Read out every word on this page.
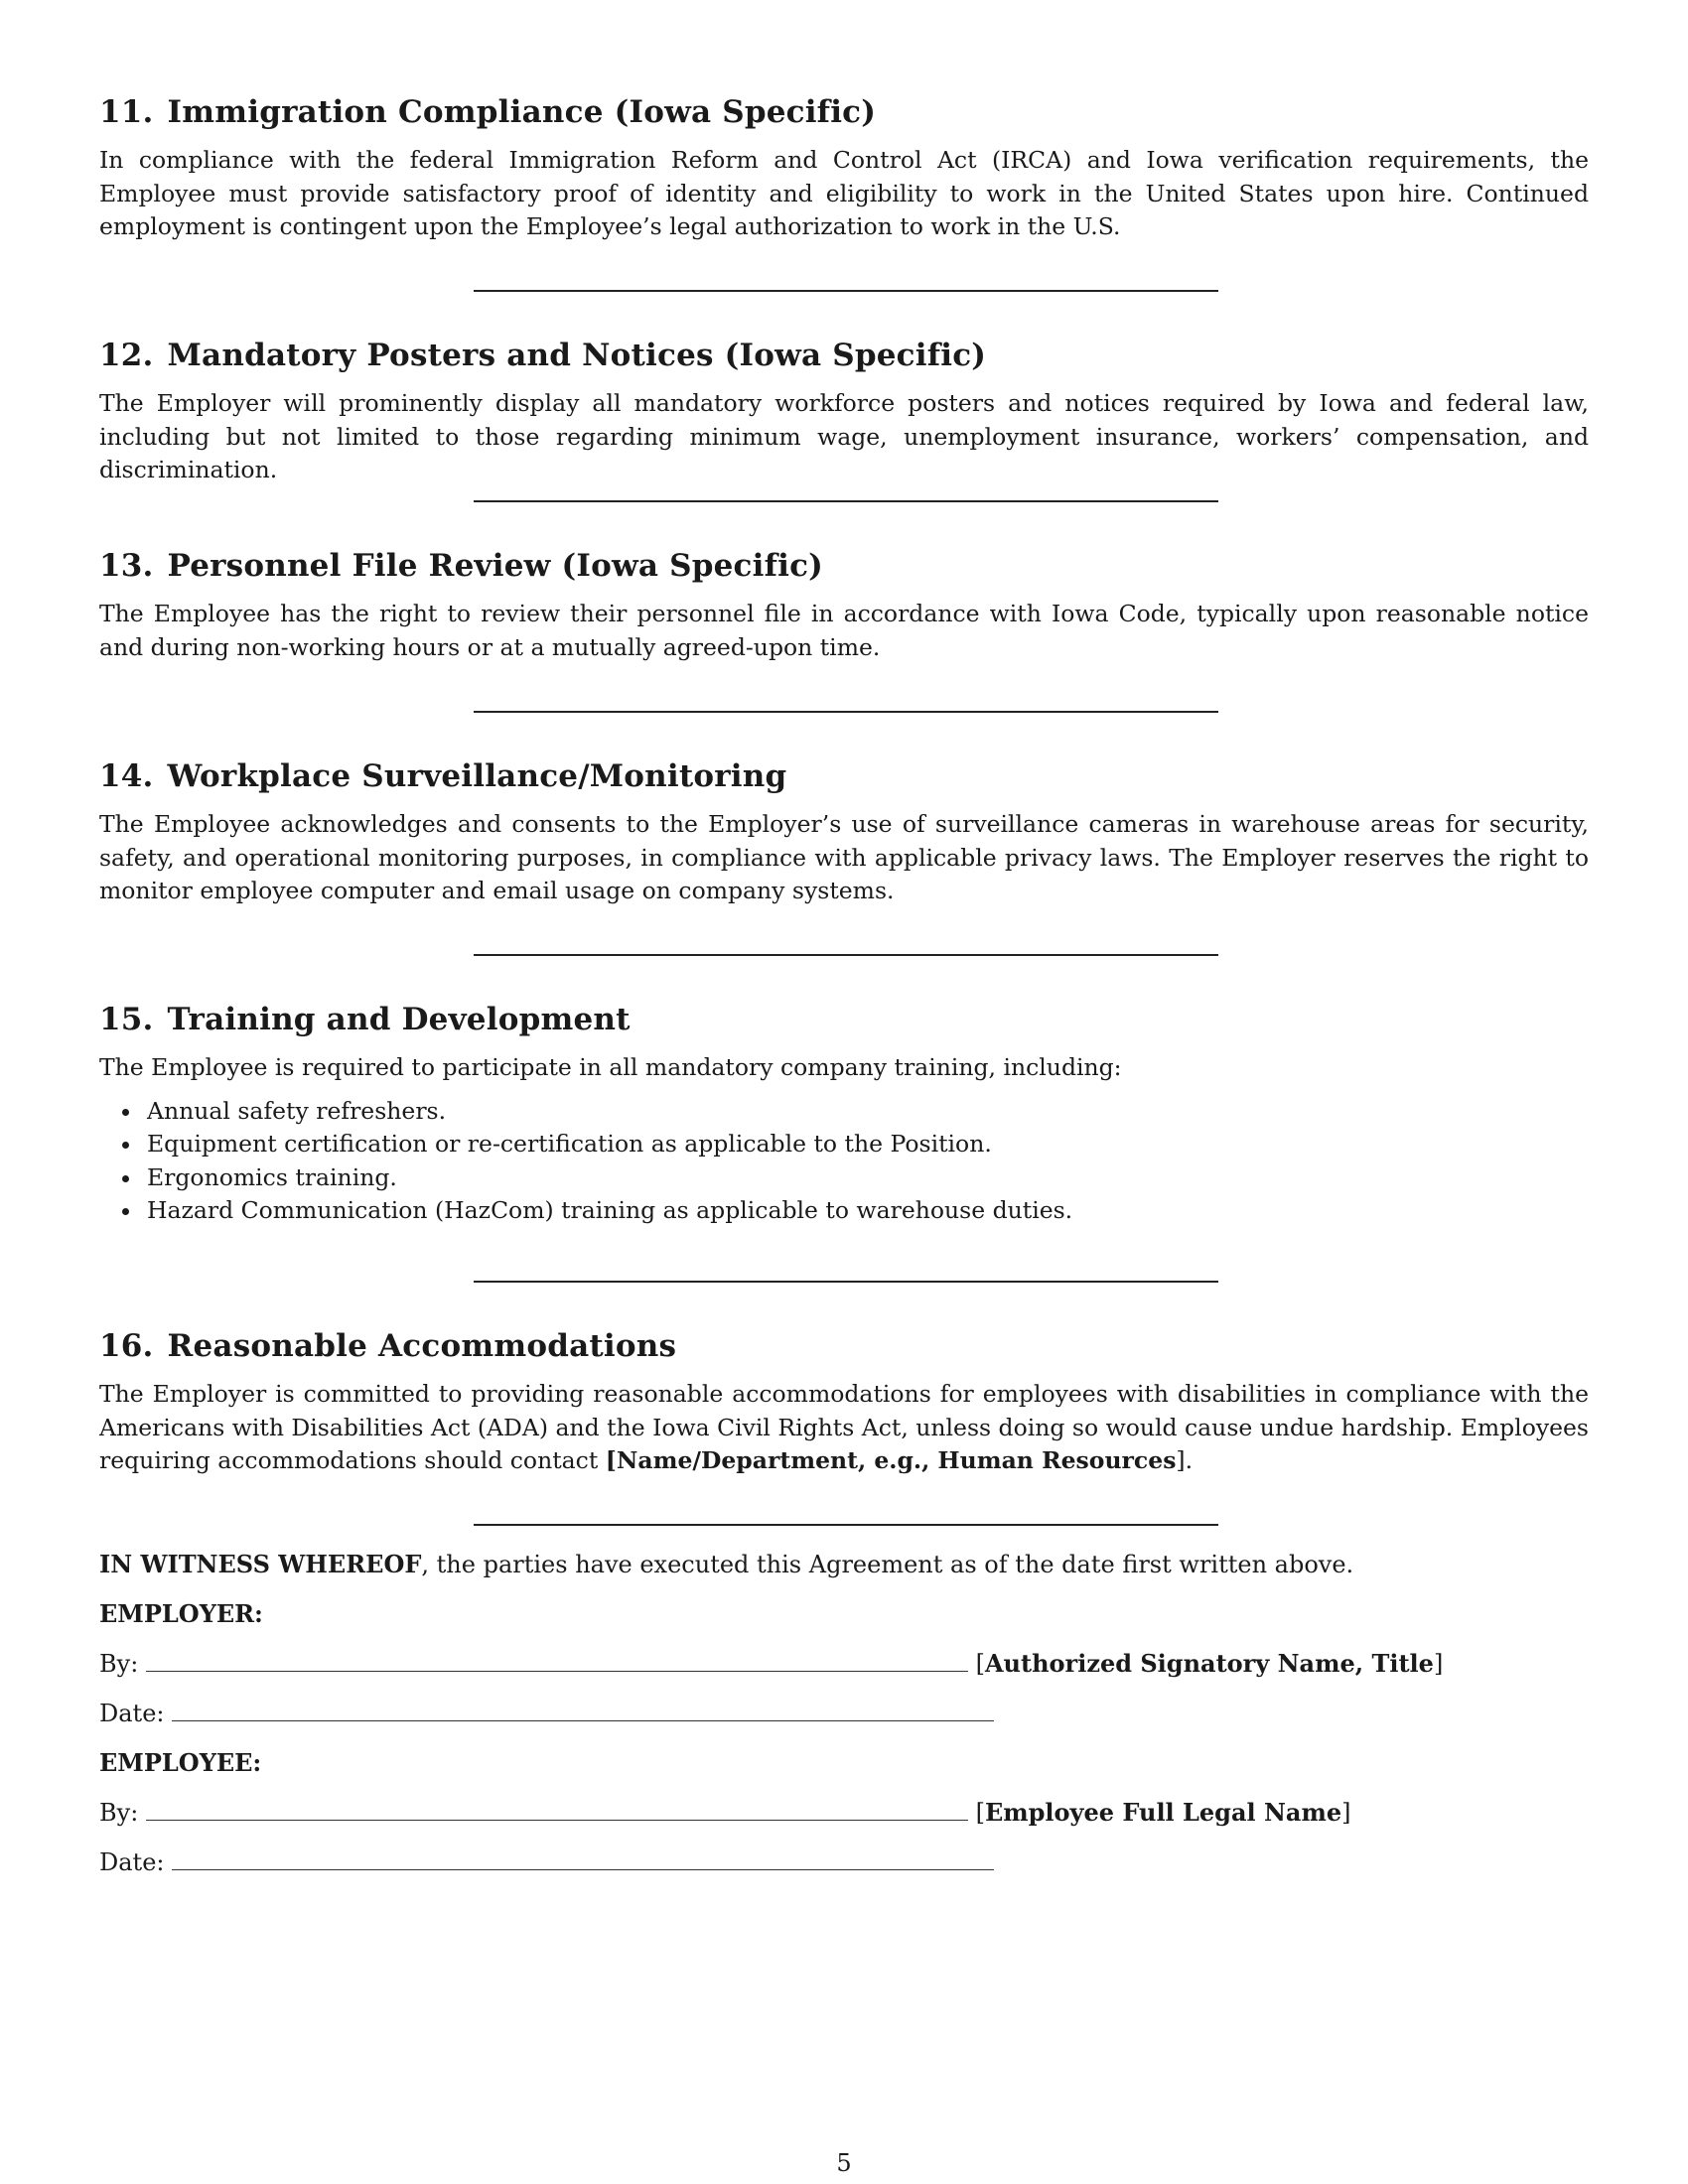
11. Immigration Compliance (Iowa Specific)

In compliance with the federal Immigration Reform and Control Act (IRCA) and Iowa verification requirements, the Employee must provide satisfactory proof of identity and eligibility to work in the United States upon hire. Continued employment is contingent upon the Employee’s legal authorization to work in the U.S.

12. Mandatory Posters and Notices (Iowa Specific)

The Employer will prominently display all mandatory workforce posters and notices required by Iowa and federal law, including but not limited to those regarding minimum wage, unemployment insurance, workers’ compensation, and discrimination.

13. Personnel File Review (Iowa Specific)

The Employee has the right to review their personnel file in accordance with Iowa Code, typically upon reasonable notice and during non-working hours or at a mutually agreed-upon time.

14. Workplace Surveillance/Monitoring

The Employee acknowledges and consents to the Employer’s use of surveillance cameras in warehouse areas for security, safety, and operational monitoring purposes, in compliance with applicable privacy laws. The Employer reserves the right to monitor employee computer and email usage on company systems.

15. Training and Development

The Employee is required to participate in all mandatory company training, including:

• Annual safety refreshers.
• Equipment certification or re-certification as applicable to the Position.
• Ergonomics training.
• Hazard Communication (HazCom) training as applicable to warehouse duties.
16. Reasonable Accommodations

The Employer is committed to providing reasonable accommodations for employees with disabilities in compliance with the Americans with Disabilities Act (ADA) and the Iowa Civil Rights Act, unless doing so would cause undue hardship. Employees requiring accommodations should contact [Name/Department, e.g., Human Resources].

IN WITNESS WHEREOF, the parties have executed this Agreement as of the date first written above.
EMPLOYER:
By:	[Authorized Signatory Name, Title]
Date:
EMPLOYEE:
By:	[Employee Full Legal Name]
Date:
5
